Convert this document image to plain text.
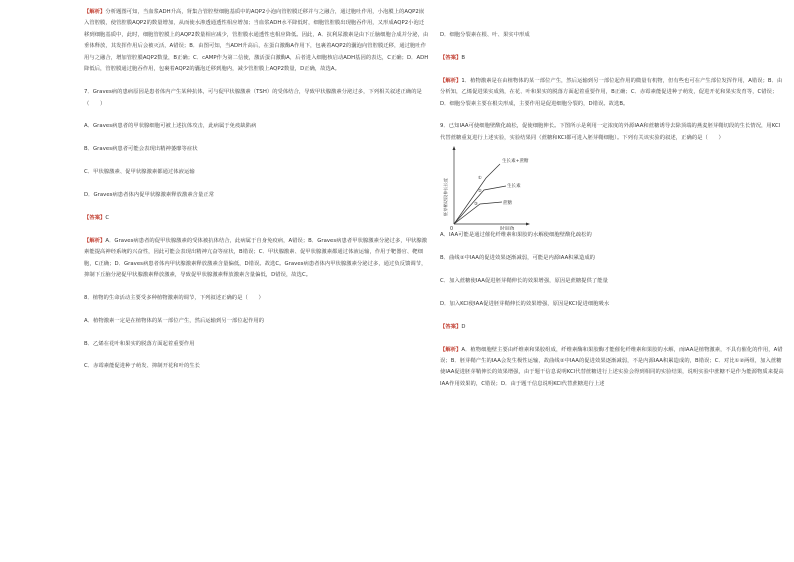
【解析】分析题图可知，当血浆ADH升高，肾集合管腔壁细胞基质中的AQP2小泡向管腔膜迁移并与之融合，通过胞吐作用，小泡膜上的AQP2嵌入管腔膜，使管腔膜AQP2的数量增加，从而使水渗透通透性相应增加；当血浆ADH水平降低时，细胞管腔膜出现胞吞作用，又形成AQP2小泡迁移到细胞基质中，此时，细胞管腔膜上的AQP2数量相应减少，管腔膜水通透性也相应降低。因此，A．抗利尿激素是由下丘脑细胞合成并分泌，由垂体释放，其发挥作用后会被灭活，A错误；B．由图可知，当ADH升高后，在蛋白激酶A作用下，包裹着AQP2的囊泡向管腔膜迁移，通过胞吐作用与之融合，增加管腔膜AQP2数量，B正确；C．cAMP作为第二信使，激活蛋白激酶A，后者进入细胞核启动ADH基因的表达，C正确；D．ADH降低后，管腔膜通过胞吞作用，包裹着AQP2的囊泡迁移到胞内，减少管腔膜上AQP2数量，D正确，故选A。

7．Graves病的患病原因是患者体内产生某种抗体，可与促甲状腺激素（TSH）的受体结合，导致甲状腺激素分泌过多，下列相关叙述正确的是（　　）

A．Graves病患者的甲状腺细胞可被上述抗体攻击，此病属于免疫缺陷病

B．Graves病患者可能会表现出精神萎靡等症状

C．甲状腺激素、促甲状腺激素都通过体液运输

D．Graves病患者体内促甲状腺激素释放激素含量正常

【答案】C

【解析】A．Graves病患者的促甲状腺激素的受体被抗体结合，此病属于自身免疫病，A错误；B．Graves病患者甲状腺激素分泌过多，甲状腺激素能提高神经系统的兴奋性，因此可能会表现出精神亢奋等症状，B错误；C．甲状腺激素、促甲状腺激素都通过体液运输，作用于靶器官、靶细胞，C正确；D．Graves病患者体内甲状腺激素释放激素含量偏低，D错误。故选C。Graves病患者体内甲状腺激素分泌过多，通过负反馈调节，抑制下丘脑分泌促甲状腺激素释放激素，导致促甲状腺激素释放激素含量偏低，D错误，故选C。

8．植物的生命活动主要受多种植物激素的调节，下列叙述正确的是（　　）

A．植物激素一定是在植物体的某一部位产生，然后运输到另一部位起作用的

B．乙烯在花叶和果实的脱落方面起着重要作用

C．赤霉素能促进种子萌发、抑制开花和叶的生长

D．细胞分裂素在根、叶、果实中形成

【答案】B

【解析】1．植物激素是在由植物体的某一部位产生，然后运输到另一部位起作用的微量有机物，但有些也可在产生部位发挥作用，A错误；B．由分析知，乙烯促进果实成熟，在花、叶和果实的脱落方面起着重要作用，B正确；C．赤霉素能促进种子萌发，促进开花和果实发育等，C错误；D．细胞分裂素主要在根尖形成，主要作用是促进细胞分裂的，D错误。故选B。

9．已知IAA可使细胞壁酸化疏松，促使细胞伸长。下图所示是利用一定浓度的外源IAA和蔗糖诱导去除顶端的燕麦胚芽鞘切段的生长情况，用KCl代替蔗糖重复进行上述实验，实验结果同（蔗糖和KCl都可进入胚芽鞘细胞）。下列有关该实验的叙述，正确的是（　　）

胚芽鞘切段伸长长度
0	时间/h
生长素+蔗糖
生长素
蔗糖
①
②
③

A．IAA可能是通过催化纤维素和果胶的水解使细胞壁酸化疏松的

B．曲线②中IAA的促进效果逐渐减弱，可能是内源IAA积累造成的

C．加入蔗糖使IAA促进胚芽鞘伸长的效果增强，原因是蔗糖提供了能量

D．加入KCl使IAA促进胚芽鞘伸长的效果增强，原因是KCl促进细胞吸水

【答案】D

【解析】A．植物细胞壁主要由纤维素和果胶组成，纤维素酶和果胶酶才能催化纤维素和果胶的水解，而IAA是植物激素，不具有催化的作用，A错误；B．胚芽鞘产生的IAA会发生极性运输，故曲线②中IAA的促进效果逐渐减弱，不是内源IAA积累造成的，B错误；C．对比①②两组，加入蔗糖使IAA促进胚芽鞘伸长的效果增强，由于题干信息说明KCl代替蔗糖进行上述实验会得到相同的实验结果，说明实验中蔗糖不是作为能源物质来提高IAA作用效果的，C错误；D．由于题干信息说明KCl代替蔗糖进行上述
